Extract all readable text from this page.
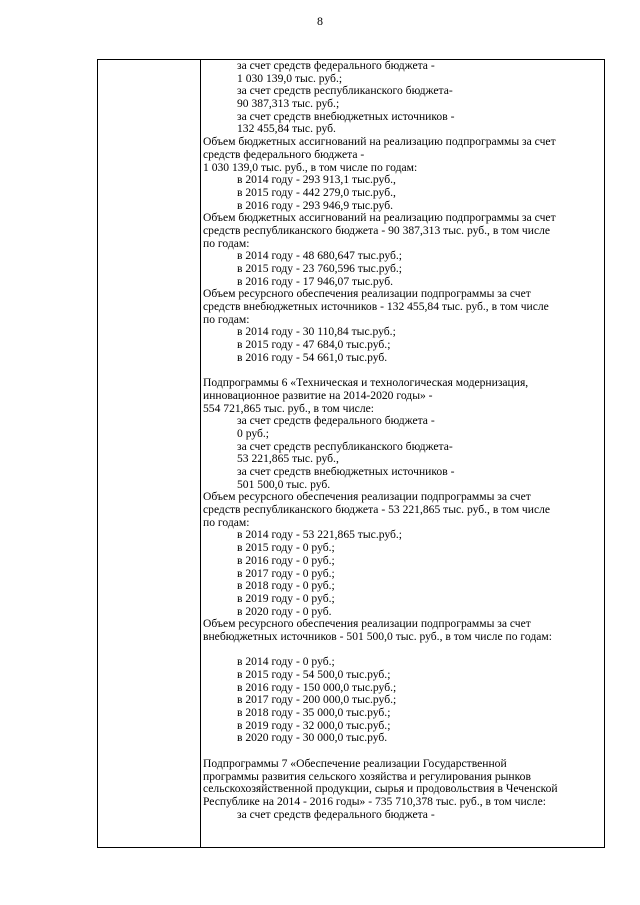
8
за счет средств федерального бюджета -
1 030 139,0 тыс. руб.;
за счет средств республиканского бюджета-
90 387,313 тыс. руб.;
за счет средств внебюджетных источников -
132 455,84 тыс. руб.
Объем бюджетных ассигнований на реализацию подпрограммы за счет
средств федерального бюджета -
1 030 139,0 тыс. руб., в том числе по годам:
в 2014 году - 293 913,1 тыс.руб.,
в 2015 году - 442 279,0 тыс.руб.,
в 2016 году - 293 946,9 тыс.руб.
Объем бюджетных ассигнований на реализацию подпрограммы за счет
средств республиканского бюджета - 90 387,313 тыс. руб., в том числе
по годам:
в 2014 году - 48 680,647 тыс.руб.;
в 2015 году - 23 760,596 тыс.руб.;
в 2016 году - 17 946,07 тыс.руб.
Объем ресурсного обеспечения реализации подпрограммы за счет
средств внебюджетных источников - 132 455,84 тыс. руб., в том числе
по годам:
в 2014 году - 30 110,84 тыс.руб.;
в 2015 году - 47 684,0 тыс.руб.;
в 2016 году - 54 661,0 тыс.руб.
Подпрограммы 6 «Техническая и технологическая модернизация,
инновационное развитие на 2014-2020 годы» -
554 721,865 тыс. руб., в том числе:
за счет средств федерального бюджета -
0 руб.;
за счет средств республиканского бюджета-
53 221,865 тыс. руб.,
за счет средств внебюджетных источников -
501 500,0 тыс. руб.
Объем ресурсного обеспечения реализации подпрограммы за счет
средств республиканского бюджета - 53 221,865 тыс. руб., в том числе
по годам:
в 2014 году - 53 221,865 тыс.руб.;
в 2015 году - 0 руб.;
в 2016 году - 0 руб.;
в 2017 году - 0 руб.;
в 2018 году - 0 руб.;
в 2019 году - 0 руб.;
в 2020 году - 0 руб.
Объем ресурсного обеспечения реализации подпрограммы за счет
внебюджетных источников - 501 500,0 тыс. руб., в том числе по годам:
в 2014 году - 0 руб.;
в 2015 году - 54 500,0 тыс.руб.;
в 2016 году - 150 000,0 тыс.руб.;
в 2017 году - 200 000,0 тыс.руб.;
в 2018 году - 35 000,0 тыс.руб.;
в 2019 году - 32 000,0 тыс.руб.;
в 2020 году - 30 000,0 тыс.руб.
Подпрограммы 7 «Обеспечение реализации Государственной
программы развития сельского хозяйства и регулирования рынков
сельскохозяйственной продукции, сырья и продовольствия в Чеченской
Республике на 2014 - 2016 годы» - 735 710,378 тыс. руб., в том числе:
за счет средств федерального бюджета -
